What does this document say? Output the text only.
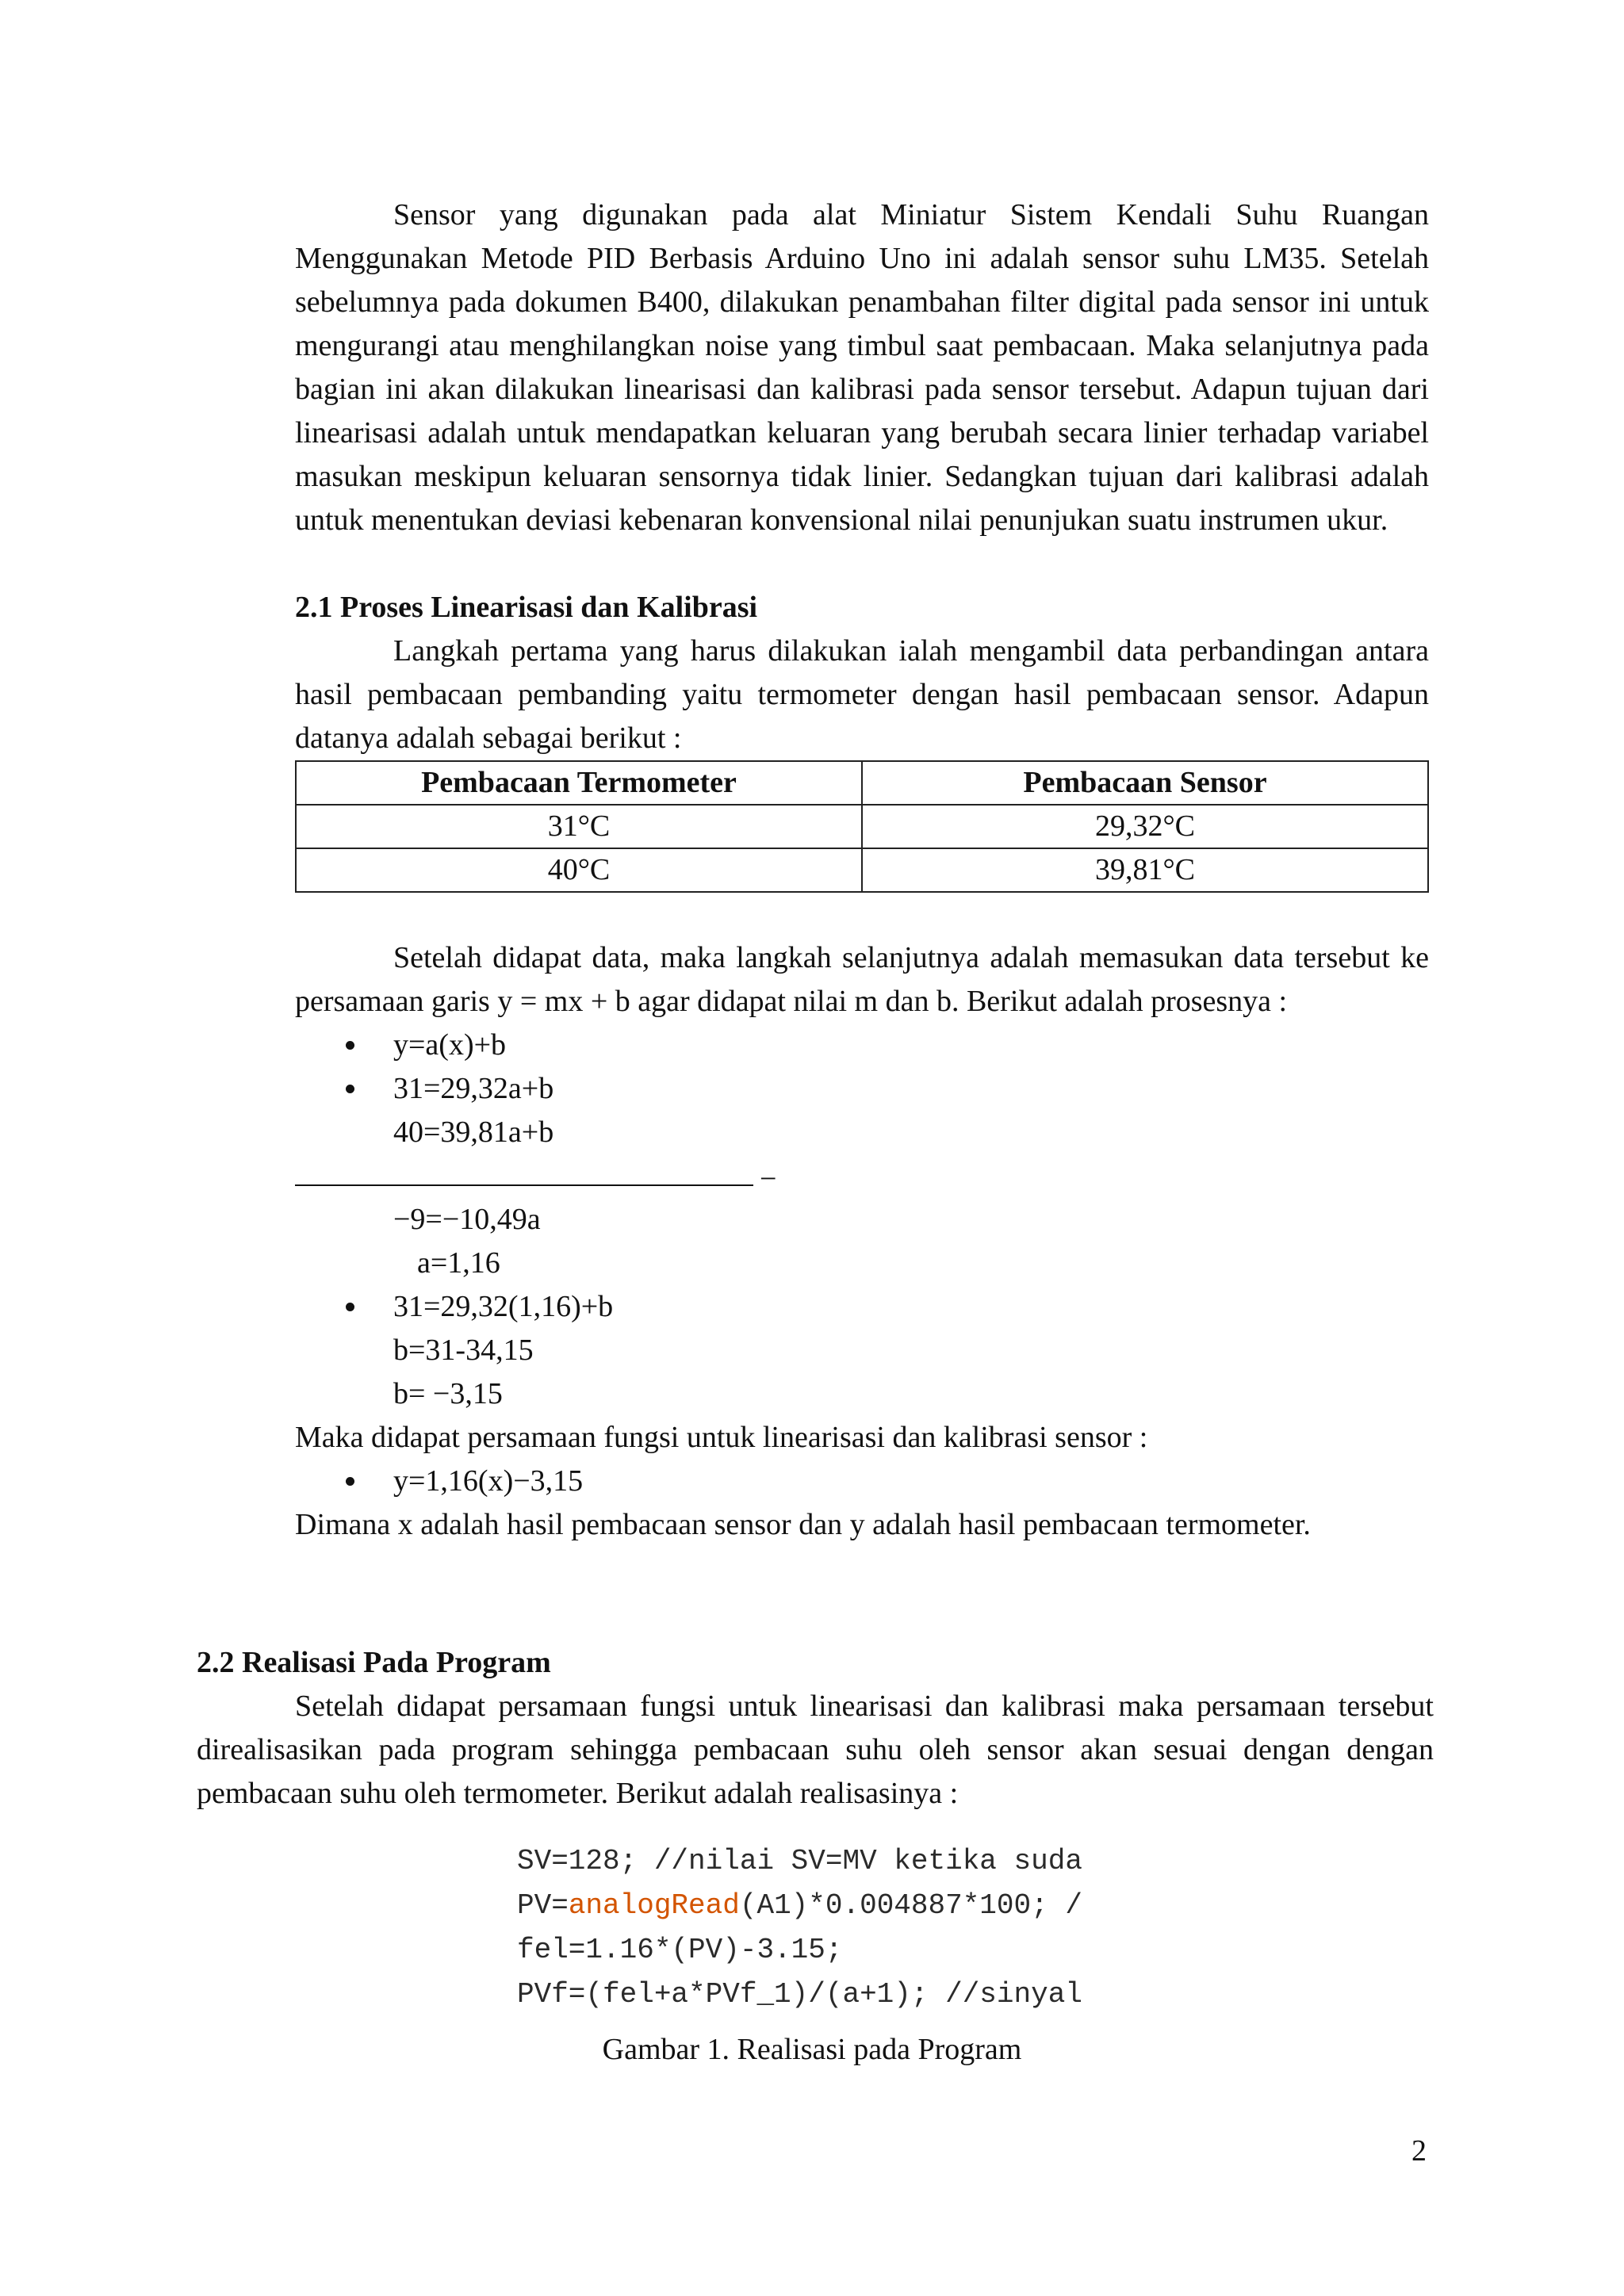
Sensor yang digunakan pada alat Miniatur Sistem Kendali Suhu Ruangan Menggunakan Metode PID Berbasis Arduino Uno ini adalah sensor suhu LM35. Setelah sebelumnya pada dokumen B400, dilakukan penambahan filter digital pada sensor ini untuk mengurangi atau menghilangkan noise yang timbul saat pembacaan. Maka selanjutnya pada bagian ini akan dilakukan linearisasi dan kalibrasi pada sensor tersebut. Adapun tujuan dari linearisasi adalah untuk mendapatkan keluaran yang berubah secara linier terhadap variabel masukan meskipun keluaran sensornya tidak linier. Sedangkan tujuan dari kalibrasi adalah untuk menentukan deviasi kebenaran konvensional nilai penunjukan suatu instrumen ukur.

2.1 Proses Linearisasi dan Kalibrasi

Langkah pertama yang harus dilakukan ialah mengambil data perbandingan antara hasil pembacaan pembanding yaitu termometer dengan hasil pembacaan sensor. Adapun datanya adalah sebagai berikut :

Pembacaan Termometer	Pembacaan Sensor
31°C	29,32°C
40°C	39,81°C

Setelah didapat data, maka langkah selanjutnya adalah memasukan data tersebut ke persamaan garis y = mx + b agar didapat nilai m dan b. Berikut adalah prosesnya :

y=a(x)+b
31=29,32a+b
40=39,81a+b
−
−9=−10,49a
a=1,16
31=29,32(1,16)+b
b=31-34,15
b= −3,15

Maka didapat persamaan fungsi untuk linearisasi dan kalibrasi sensor :

y=1,16(x)−3,15

Dimana x adalah hasil pembacaan sensor dan y adalah hasil pembacaan termometer.

2.2 Realisasi Pada Program

Setelah didapat persamaan fungsi untuk linearisasi dan kalibrasi maka persamaan tersebut direalisasikan pada program sehingga pembacaan suhu oleh sensor akan sesuai dengan dengan pembacaan suhu oleh termometer. Berikut adalah realisasinya :

SV=128; //nilai SV=MV ketika suda
PV=analogRead(A1)*0.004887*100; /
fel=1.16*(PV)-3.15;
PVf=(fel+a*PVf_1)/(a+1); //sinyal
Gambar 1. Realisasi pada Program
2
